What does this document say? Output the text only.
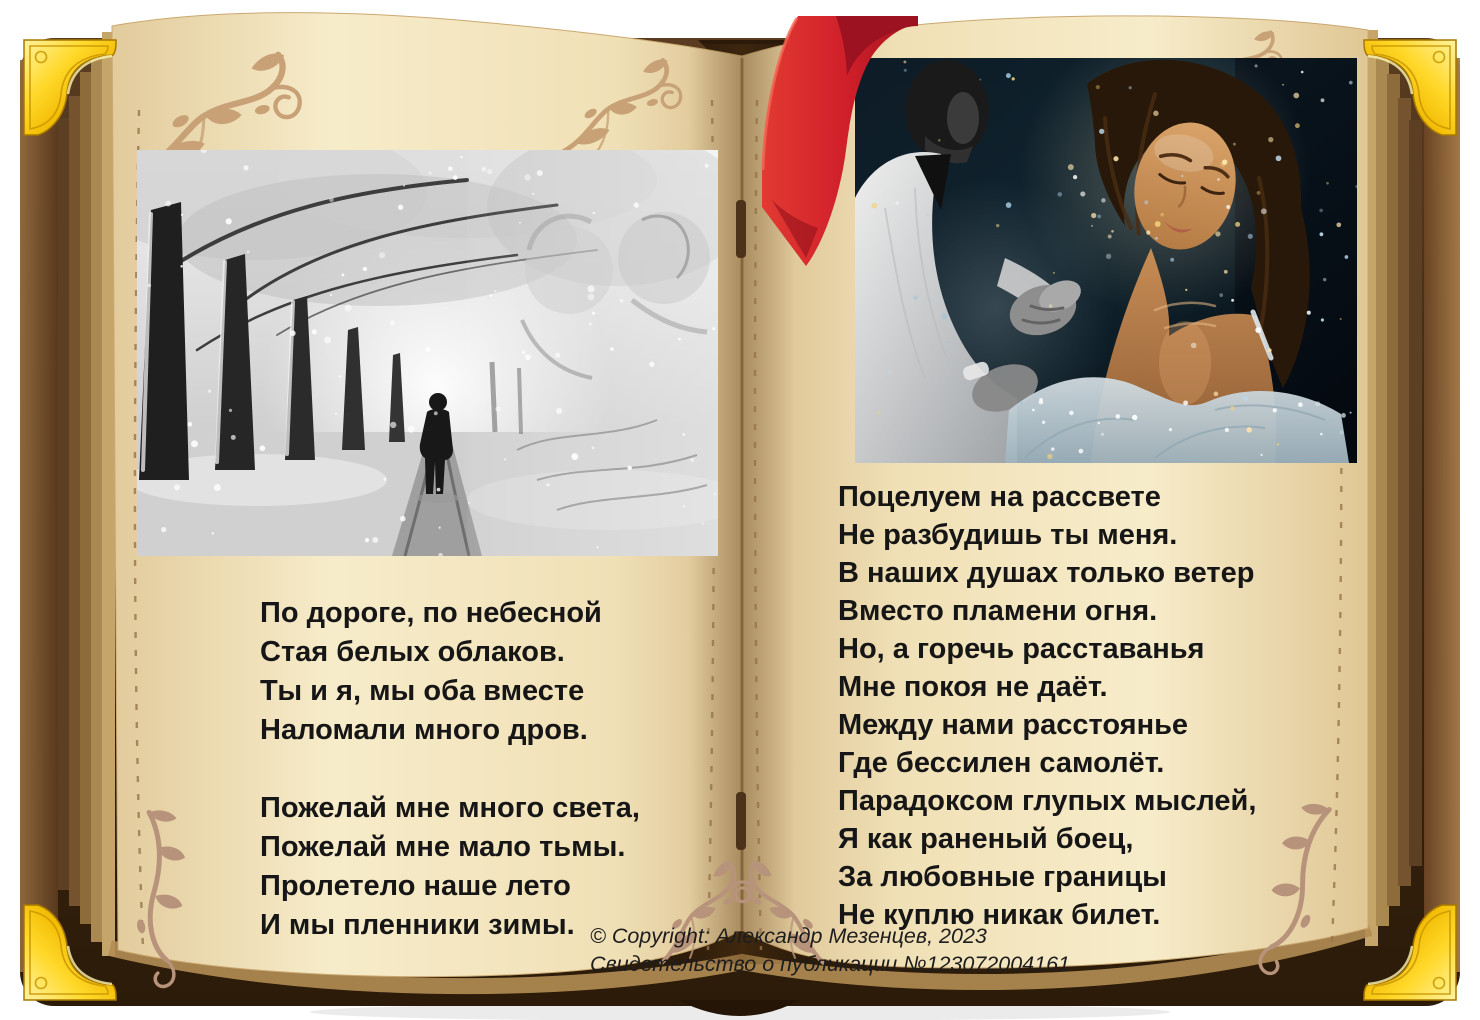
По дороге, по небесной
Стая белых облаков.
Ты и я, мы оба вместе
Наломали много дров.
Пожелай мне много света,
Пожелай мне мало тьмы.
Пролетело наше лето
И мы пленники зимы.
Поцелуем на рассвете
Не разбудишь ты меня.
В наших душах только ветер
Вместо пламени огня.
Но, а горечь расставанья
Мне покоя не даёт.
Между нами расстоянье
Где бессилен самолёт.
Парадоксом глупых мыслей,
Я как раненый боец,
За любовные границы
Не куплю никак билет.
© Copyright: Александр Мезенцев, 2023
Свидетельство о публикации №123072004161
